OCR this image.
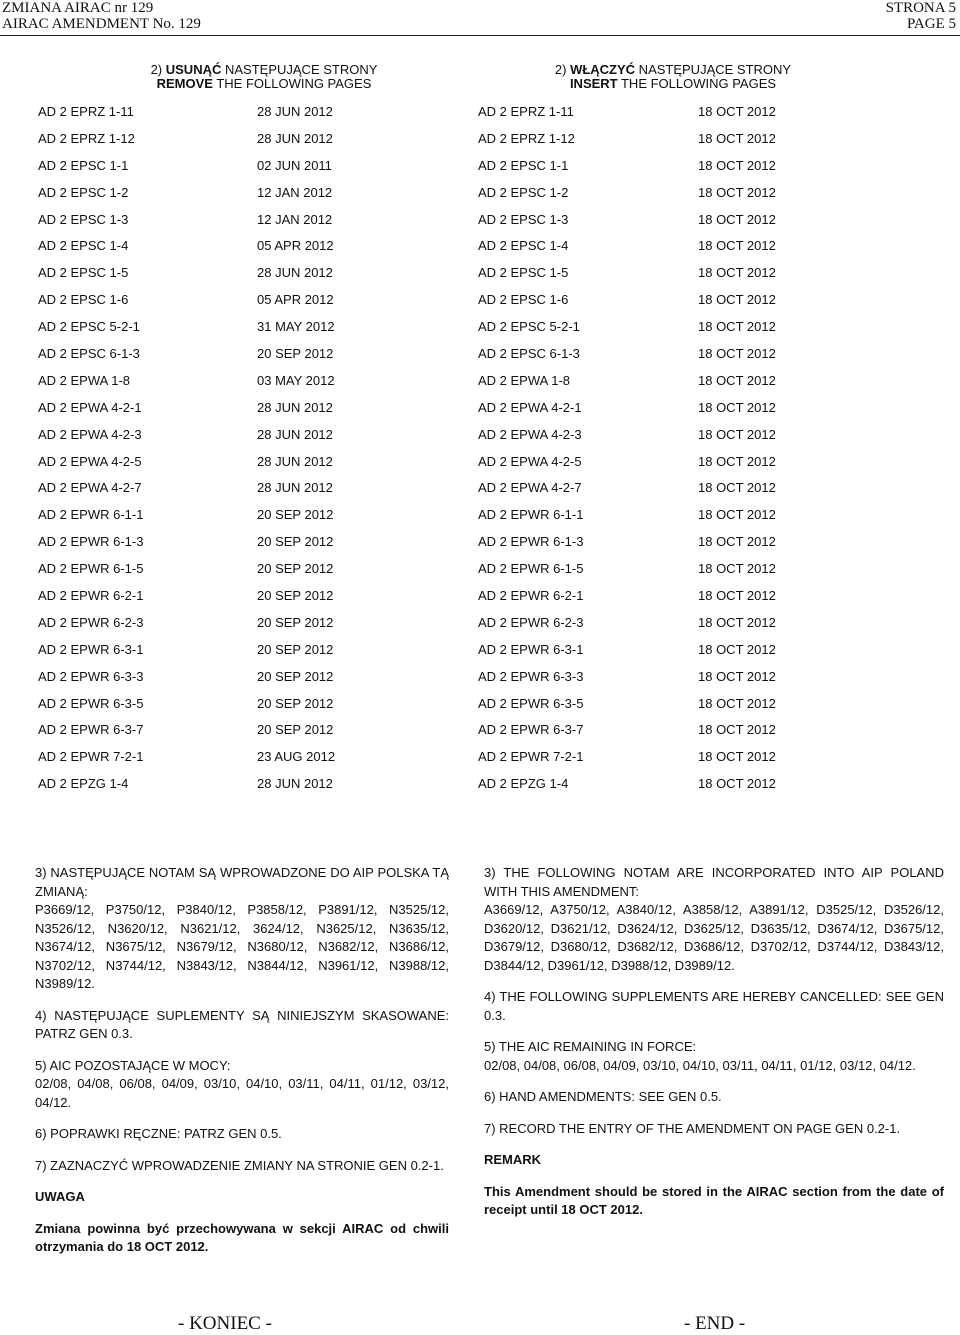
ZMIANA AIRAC nr 129
AIRAC AMENDMENT No. 129
STRONA 5
PAGE 5
2) USUNĄĆ NASTĘPUJĄCE STRONY
REMOVE THE FOLLOWING PAGES
2) WŁĄCZYĆ NASTĘPUJĄCE STRONY
INSERT THE FOLLOWING PAGES
AD 2 EPRZ 1-11	28 JUN 2012
AD 2 EPRZ 1-12	28 JUN 2012
AD 2 EPSC 1-1	02 JUN 2011
AD 2 EPSC 1-2	12 JAN 2012
AD 2 EPSC 1-3	12 JAN 2012
AD 2 EPSC 1-4	05 APR 2012
AD 2 EPSC 1-5	28 JUN 2012
AD 2 EPSC 1-6	05 APR 2012
AD 2 EPSC 5-2-1	31 MAY 2012
AD 2 EPSC 6-1-3	20 SEP 2012
AD 2 EPWA 1-8	03 MAY 2012
AD 2 EPWA 4-2-1	28 JUN 2012
AD 2 EPWA 4-2-3	28 JUN 2012
AD 2 EPWA 4-2-5	28 JUN 2012
AD 2 EPWA 4-2-7	28 JUN 2012
AD 2 EPWR 6-1-1	20 SEP 2012
AD 2 EPWR 6-1-3	20 SEP 2012
AD 2 EPWR 6-1-5	20 SEP 2012
AD 2 EPWR 6-2-1	20 SEP 2012
AD 2 EPWR 6-2-3	20 SEP 2012
AD 2 EPWR 6-3-1	20 SEP 2012
AD 2 EPWR 6-3-3	20 SEP 2012
AD 2 EPWR 6-3-5	20 SEP 2012
AD 2 EPWR 6-3-7	20 SEP 2012
AD 2 EPWR 7-2-1	23 AUG 2012
AD 2 EPZG 1-4	28 JUN 2012
AD 2 EPRZ 1-11	18 OCT 2012
AD 2 EPRZ 1-12	18 OCT 2012
AD 2 EPSC 1-1	18 OCT 2012
AD 2 EPSC 1-2	18 OCT 2012
AD 2 EPSC 1-3	18 OCT 2012
AD 2 EPSC 1-4	18 OCT 2012
AD 2 EPSC 1-5	18 OCT 2012
AD 2 EPSC 1-6	18 OCT 2012
AD 2 EPSC 5-2-1	18 OCT 2012
AD 2 EPSC 6-1-3	18 OCT 2012
AD 2 EPWA 1-8	18 OCT 2012
AD 2 EPWA 4-2-1	18 OCT 2012
AD 2 EPWA 4-2-3	18 OCT 2012
AD 2 EPWA 4-2-5	18 OCT 2012
AD 2 EPWA 4-2-7	18 OCT 2012
AD 2 EPWR 6-1-1	18 OCT 2012
AD 2 EPWR 6-1-3	18 OCT 2012
AD 2 EPWR 6-1-5	18 OCT 2012
AD 2 EPWR 6-2-1	18 OCT 2012
AD 2 EPWR 6-2-3	18 OCT 2012
AD 2 EPWR 6-3-1	18 OCT 2012
AD 2 EPWR 6-3-3	18 OCT 2012
AD 2 EPWR 6-3-5	18 OCT 2012
AD 2 EPWR 6-3-7	18 OCT 2012
AD 2 EPWR 7-2-1	18 OCT 2012
AD 2 EPZG 1-4	18 OCT 2012

3) NASTĘPUJĄCE NOTAM SĄ WPROWADZONE DO AIP POLSKA TĄ ZMIANĄ:

P3669/12, P3750/12, P3840/12, P3858/12, P3891/12, N3525/12, N3526/12, N3620/12, N3621/12, 3624/12, N3625/12, N3635/12, N3674/12, N3675/12, N3679/12, N3680/12, N3682/12, N3686/12, N3702/12, N3744/12, N3843/12, N3844/12, N3961/12, N3988/12, N3989/12.

4) NASTĘPUJĄCE SUPLEMENTY SĄ NINIEJSZYM SKASOWANE: PATRZ GEN 0.3.

5) AIC POZOSTAJĄCE W MOCY:

02/08, 04/08, 06/08, 04/09, 03/10, 04/10, 03/11, 04/11, 01/12, 03/12, 04/12.

6) POPRAWKI RĘCZNE: PATRZ GEN 0.5.

7) ZAZNACZYĆ WPROWADZENIE ZMIANY NA STRONIE GEN 0.2-1.

UWAGA

Zmiana powinna być przechowywana w sekcji AIRAC od chwili otrzymania do 18 OCT 2012.

3) THE FOLLOWING NOTAM ARE INCORPORATED INTO AIP POLAND WITH THIS AMENDMENT:

A3669/12, A3750/12, A3840/12, A3858/12, A3891/12, D3525/12, D3526/12, D3620/12, D3621/12, D3624/12, D3625/12, D3635/12, D3674/12, D3675/12, D3679/12, D3680/12, D3682/12, D3686/12, D3702/12, D3744/12, D3843/12, D3844/12, D3961/12, D3988/12, D3989/12.

4) THE FOLLOWING SUPPLEMENTS ARE HEREBY CANCELLED: SEE GEN 0.3.

5) THE AIC REMAINING IN FORCE:

02/08, 04/08, 06/08, 04/09, 03/10, 04/10, 03/11, 04/11, 01/12, 03/12, 04/12.

6) HAND AMENDMENTS: SEE GEN 0.5.

7) RECORD THE ENTRY OF THE AMENDMENT ON PAGE GEN 0.2-1.

REMARK

This Amendment should be stored in the AIRAC section from the date of receipt until 18 OCT 2012.

- KONIEC -	- END -
